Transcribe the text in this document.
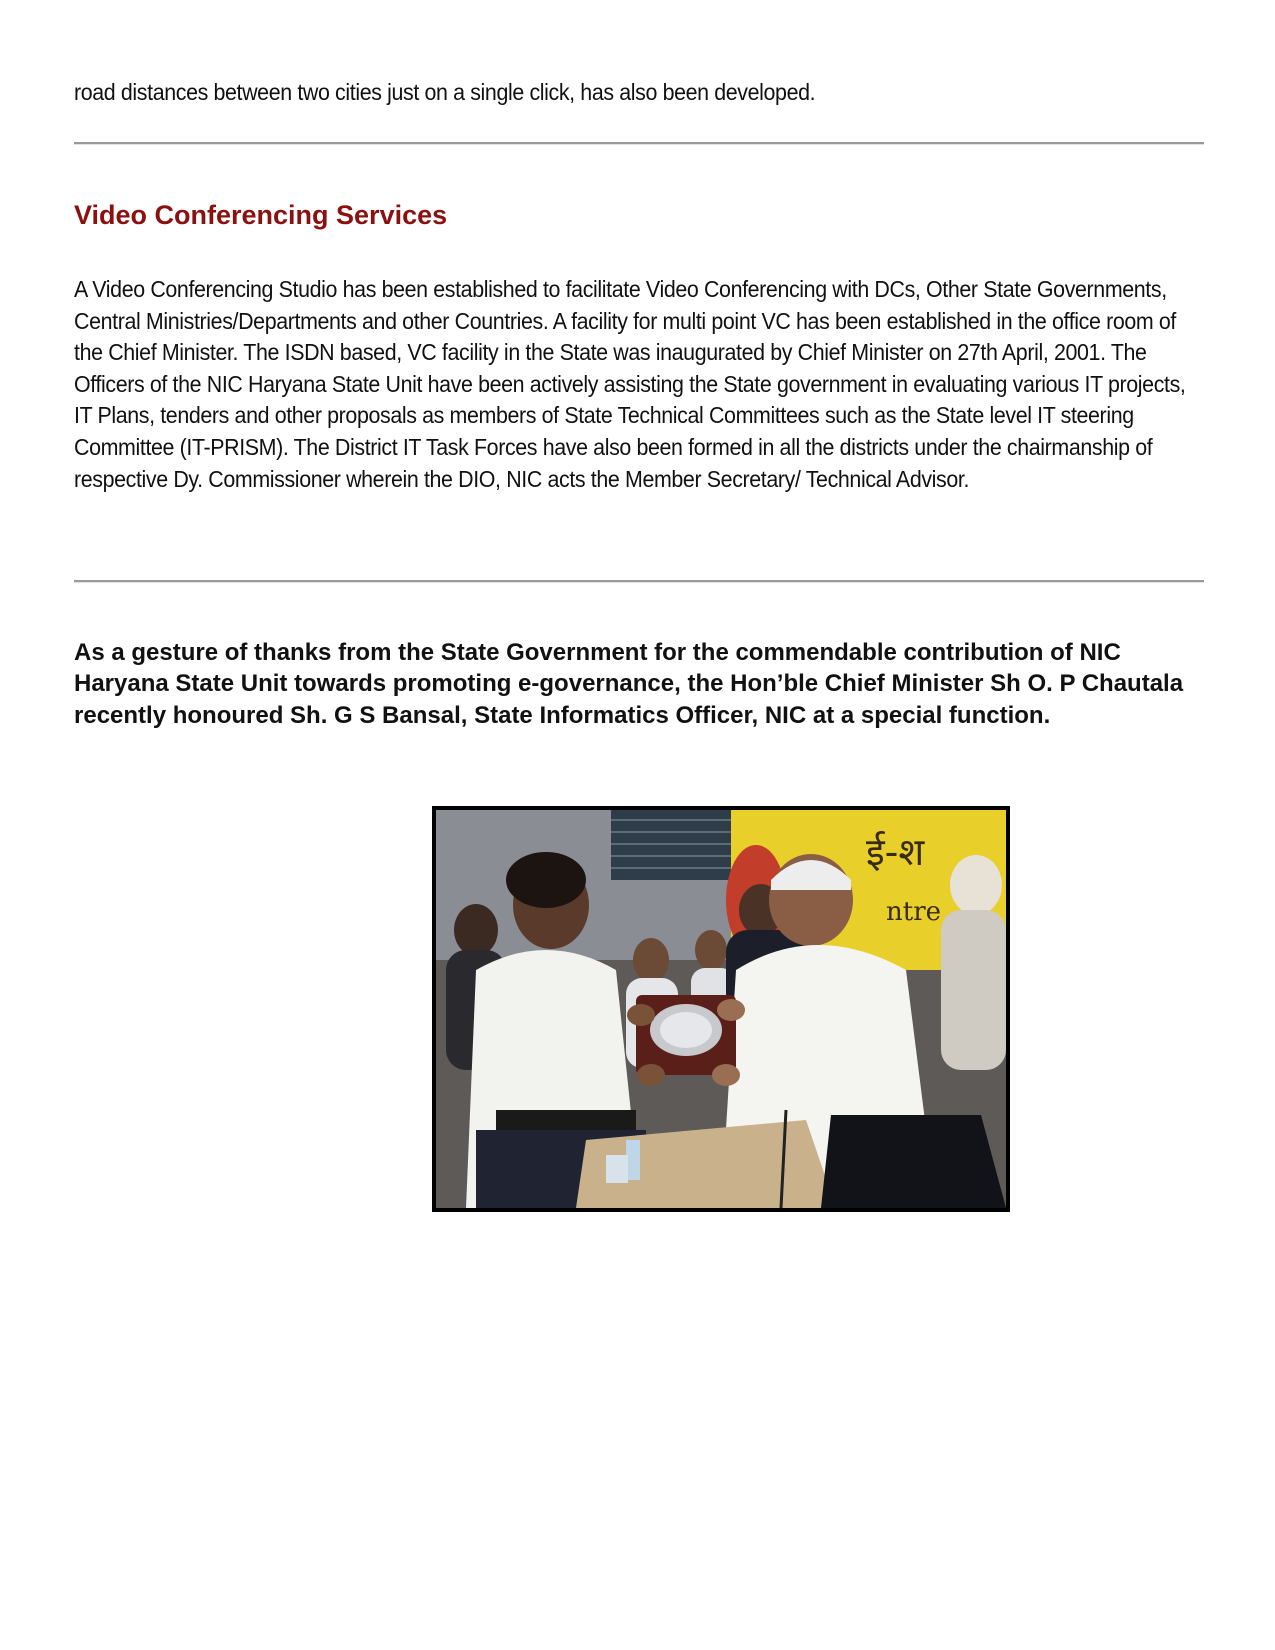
road distances between two cities just on a single click, has also been developed.

Video Conferencing Services

A Video Conferencing Studio has been established to facilitate Video Conferencing with DCs, Other State Governments, Central Ministries/Departments and other Countries. A facility for multi point VC has been established in the office room of the Chief Minister. The ISDN based, VC facility in the State was inaugurated by Chief Minister on 27th April, 2001. The Officers of the NIC Haryana State Unit have been actively assisting the State government in evaluating various IT projects, IT Plans, tenders and other proposals as members of State Technical Committees such as the State level IT steering Committee (IT-PRISM). The District IT Task Forces have also been formed in all the districts under the chairmanship of respective Dy. Commissioner wherein the DIO, NIC acts the Member Secretary/ Technical Advisor.

As a gesture of thanks from the State Government for the commendable contribution of NIC Haryana State Unit towards promoting e-governance, the Hon’ble Chief Minister Sh O. P Chautala recently honoured Sh. G S Bansal, State Informatics Officer, NIC at a special function.

ई-श
ntre
